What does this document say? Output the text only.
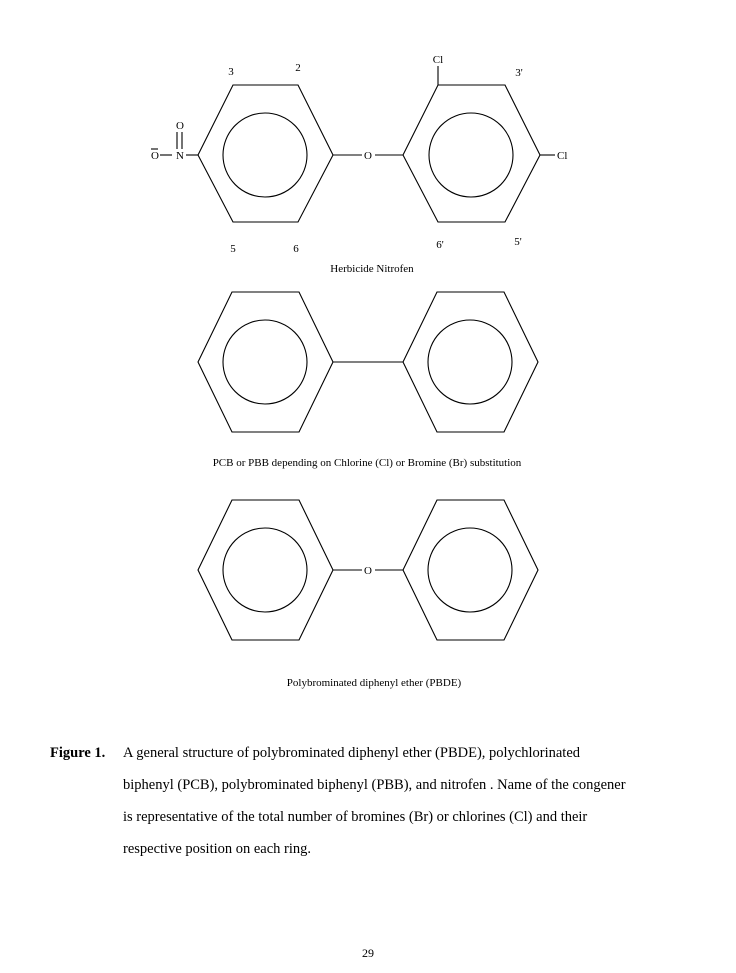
O
Cl
Cl
O
N
O
3	2
5	6
3'
6'	5'
Herbicide Nitrofen
PCB or PBB depending on Chlorine (Cl) or Bromine (Br) substitution
O
Polybrominated diphenyl ether (PBDE)
Figure 1. A general structure of polybrominated diphenyl ether (PBDE), polychlorinated
biphenyl (PCB), polybrominated biphenyl (PBB), and nitrofen . Name of the congener
is representative of the total number of bromines (Br) or chlorines (Cl) and their
respective position on each ring.
29
